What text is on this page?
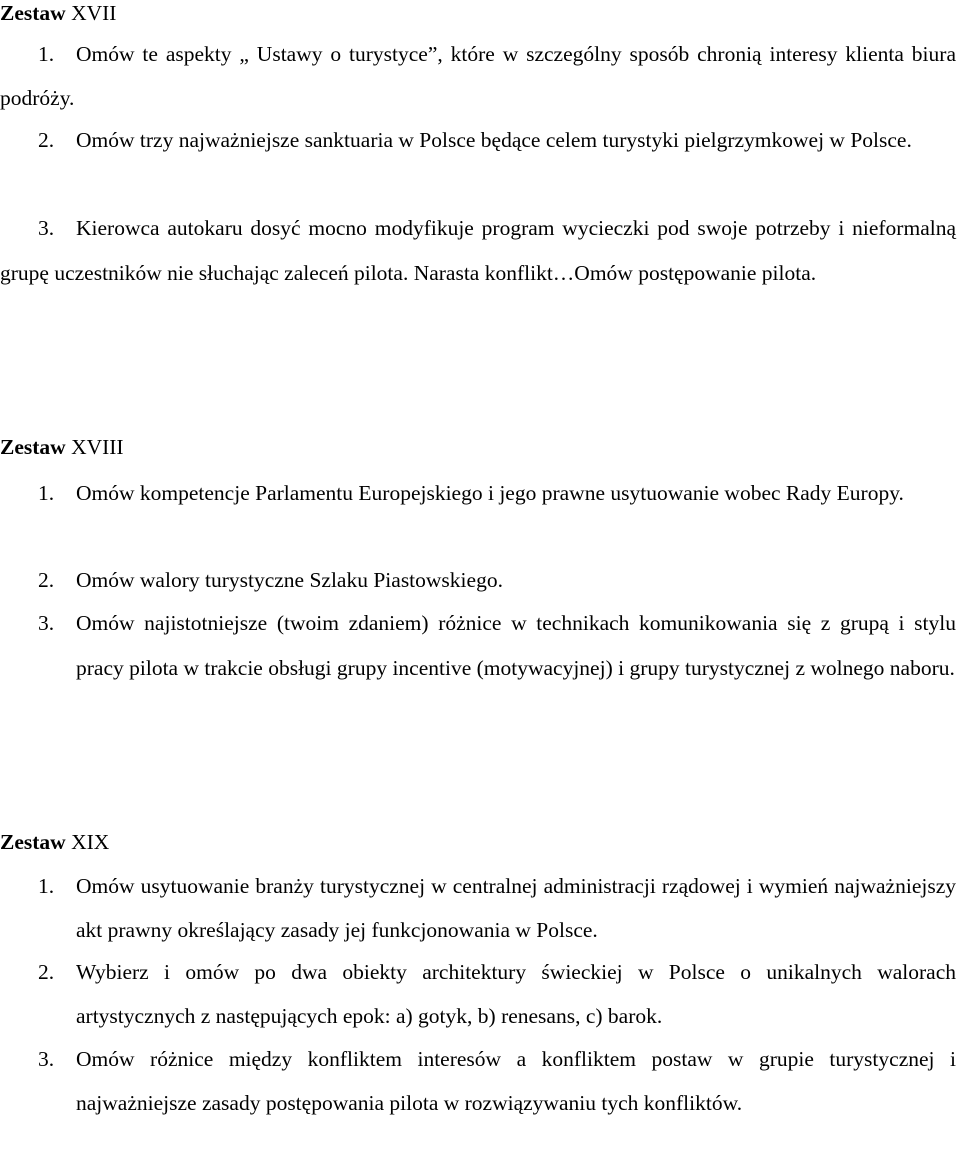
Zestaw XVII
1.	Omów te aspekty „ Ustawy o turystyce”, które w szczególny sposób chronią interesy klienta biura podróży.
2.	Omów trzy najważniejsze sanktuaria w Polsce będące celem turystyki pielgrzymkowej w Polsce.
3.	Kierowca autokaru dosyć mocno modyfikuje program wycieczki pod swoje potrzeby i nieformalną grupę uczestników nie słuchając zaleceń pilota. Narasta konflikt…Omów postępowanie pilota.
Zestaw XVIII
1. Omów kompetencje Parlamentu Europejskiego i jego prawne usytuowanie wobec Rady Europy.
2. Omów walory turystyczne Szlaku Piastowskiego.
3. Omów najistotniejsze (twoim zdaniem) różnice w technikach komunikowania się z grupą i stylu pracy pilota w trakcie obsługi grupy incentive (motywacyjnej) i grupy turystycznej z wolnego naboru.
Zestaw XIX
1. Omów usytuowanie branży turystycznej w centralnej administracji rządowej i wymień najważniejszy akt prawny określający zasady jej funkcjonowania w Polsce.
2. Wybierz i omów po dwa obiekty architektury świeckiej w Polsce o unikalnych walorach artystycznych z następujących epok: a) gotyk, b) renesans, c) barok.
3. Omów różnice między konfliktem interesów a konfliktem postaw w grupie turystycznej i najważniejsze zasady postępowania pilota w rozwiązywaniu tych konfliktów.
